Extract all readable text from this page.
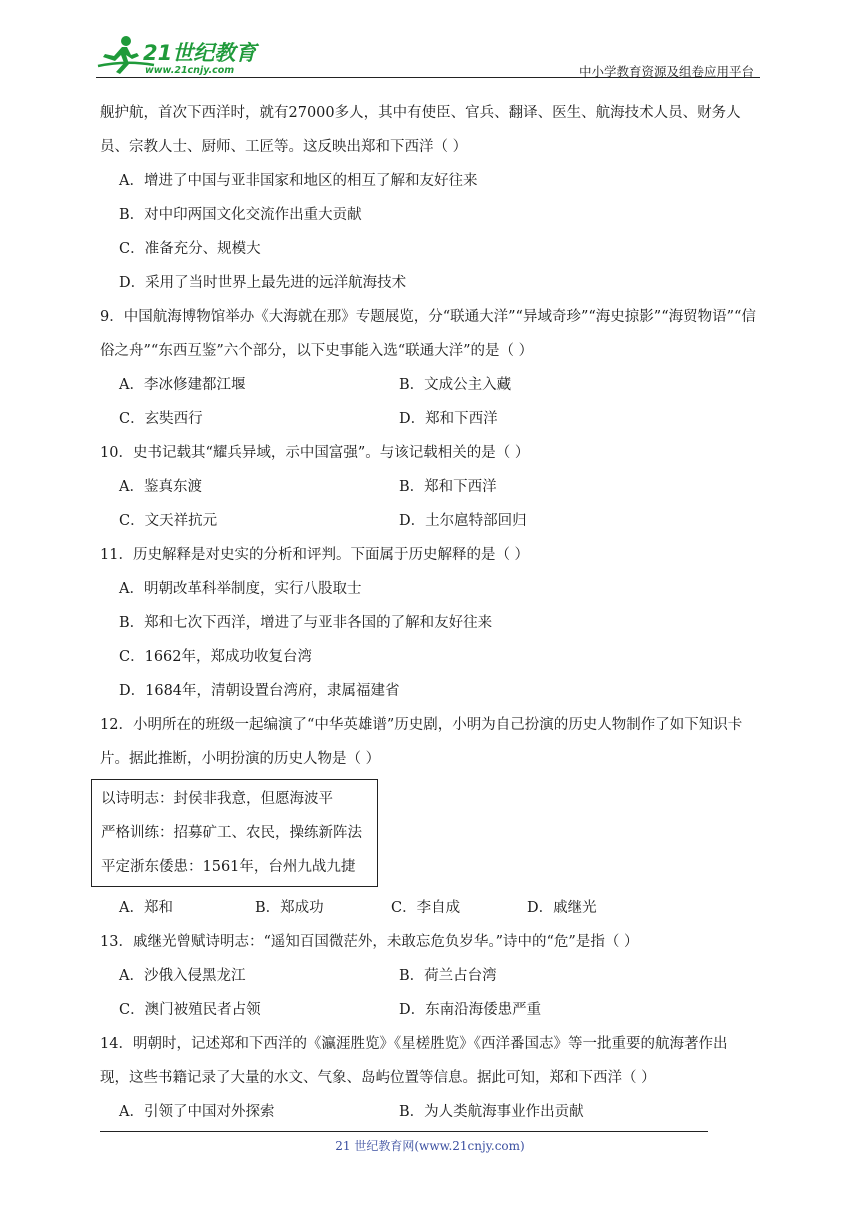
21世纪教育
www.21cnjy.com	中小学教育资源及组卷应用平台
舰护航，首次下西洋时，就有27000多人，其中有使臣、官兵、翻译、医生、航海技术人员、财务人
员、宗教人士、厨师、工匠等。这反映出郑和下西洋（ ）
A．增进了中国与亚非国家和地区的相互了解和友好往来
B．对中印两国文化交流作出重大贡献
C．准备充分、规模大
D．采用了当时世界上最先进的远洋航海技术
9．中国航海博物馆举办《大海就在那》专题展览，分“联通大洋”“异域奇珍”“海史掠影”“海贸物语”“信
俗之舟”“东西互鉴”六个部分，以下史事能入选“联通大洋”的是（ ）
A．李冰修建都江堰	B．文成公主入藏
C．玄奘西行	D．郑和下西洋
10．史书记载其“耀兵异域，示中国富强”。与该记载相关的是（ ）
A．鉴真东渡	B．郑和下西洋
C．文天祥抗元	D．土尔扈特部回归
11．历史解释是对史实的分析和评判。下面属于历史解释的是（ ）
A．明朝改革科举制度，实行八股取士
B．郑和七次下西洋，增进了与亚非各国的了解和友好往来
C．1662年，郑成功收复台湾
D．1684年，清朝设置台湾府，隶属福建省
12．小明所在的班级一起编演了“中华英雄谱”历史剧，小明为自己扮演的历史人物制作了如下知识卡
片。据此推断，小明扮演的历史人物是（ ）
以诗明志：封侯非我意，但愿海波平
严格训练：招募矿工、农民，操练新阵法
平定浙东倭患：1561年，台州九战九捷
A．郑和	B．郑成功	C．李自成	D．戚继光
13．戚继光曾赋诗明志：“遥知百国微茫外，未敢忘危负岁华。”诗中的“危”是指（ ）
A．沙俄入侵黑龙江	B．荷兰占台湾
C．澳门被殖民者占领	D．东南沿海倭患严重
14．明朝时，记述郑和下西洋的《瀛涯胜览》《星槎胜览》《西洋番国志》等一批重要的航海著作出
现，这些书籍记录了大量的水文、气象、岛屿位置等信息。据此可知，郑和下西洋（ ）
A．引领了中国对外探索	B．为人类航海事业作出贡献
21 世纪教育网(www.21cnjy.com)
